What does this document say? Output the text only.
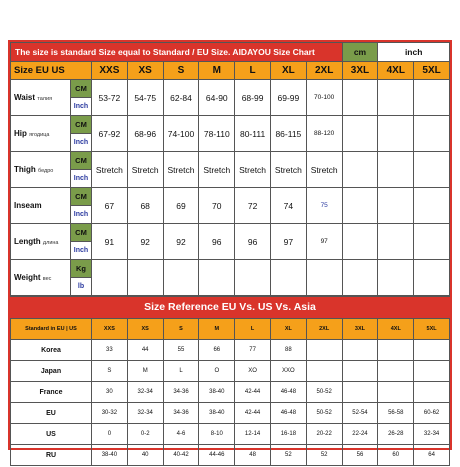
The size is standard Size equal to Standard / EU Size. AIDAYOU Size Chart									cm	inch	
Size EU US		XXS	XS	S	M	L	XL	2XL	3XL	4XL	5XL
Waist талия	CM	53-72	54-75	62-84	64-90	68-99	69-99	70-100			
	Inch										
Hip ягодица	CM	67-92	68-96	74-100	78-110	80-111	86-115	88-120			
	Inch										
Thigh бедро	CM	Stretch	Stretch	Stretch	Stretch	Stretch	Stretch	Stretch			
	Inch										
Inseam	CM	67	68	69	70	72	74	75			
	Inch										
Length длина	CM	91	92	92	96	96	97	97			
	Inch										
Weight вес	Kg										
	lb										
Size Reference EU Vs. US Vs. Asia
Standard in EU | US	XXS	XS	S	M	L	XL	2XL	3XL	4XL	5XL
Korea	33	44	55	66	77	88				
Japan	S	M	L	O	XO	XXO				
France	30	32-34	34-36	38-40	42-44	46-48	50-52			
EU	30-32	32-34	34-36	38-40	42-44	46-48	50-52	52-54	56-58	60-62
US	0	0-2	4-6	8-10	12-14	16-18	20-22	22-24	26-28	32-34
RU	38-40	40	40-42	44-46	48	52	52	56	60	64
